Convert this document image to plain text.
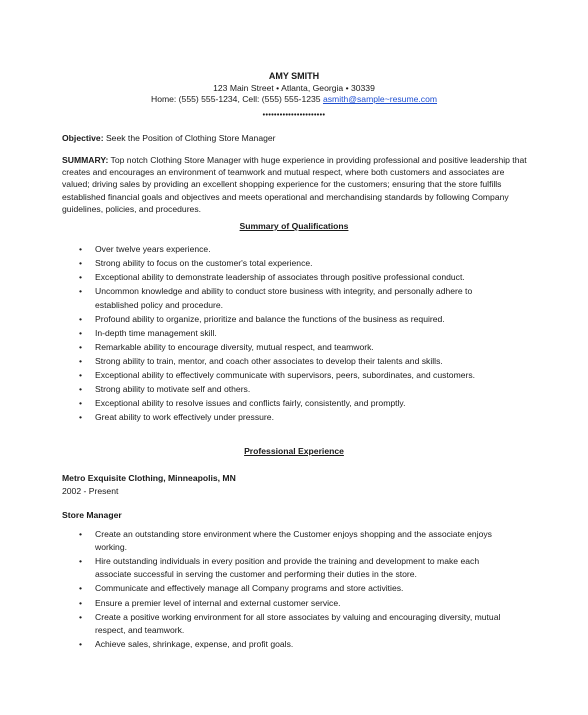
AMY SMITH
123 Main Street • Atlanta, Georgia • 30339
Home: (555) 555-1234, Cell: (555) 555-1235 asmith@sample~resume.com
••••••••••••••••••••••
Objective: Seek the Position of Clothing Store Manager
SUMMARY: Top notch Clothing Store Manager with huge experience in providing professional and positive leadership that creates and encourages an environment of teamwork and mutual respect, where both customers and associates are valued; driving sales by providing an excellent shopping experience for the customers; ensuring that the store fulfills established financial goals and objectives and meets operational and merchandising standards by following Company guidelines, policies, and procedures.
Summary of Qualifications
• Over twelve years experience.
• Strong ability to focus on the customer's total experience.
• Exceptional ability to demonstrate leadership of associates through positive professional conduct.
• Uncommon knowledge and ability to conduct store business with integrity, and personally adhere to established policy and procedure.
• Profound ability to organize, prioritize and balance the functions of the business as required.
• In-depth time management skill.
• Remarkable ability to encourage diversity, mutual respect, and teamwork.
• Strong ability to train, mentor, and coach other associates to develop their talents and skills.
• Exceptional ability to effectively communicate with supervisors, peers, subordinates, and customers.
• Strong ability to motivate self and others.
• Exceptional ability to resolve issues and conflicts fairly, consistently, and promptly.
• Great ability to work effectively under pressure.
Professional Experience
Metro Exquisite Clothing, Minneapolis, MN
2002 - Present
Store Manager
• Create an outstanding store environment where the Customer enjoys shopping and the associate enjoys working.
• Hire outstanding individuals in every position and provide the training and development to make each associate successful in serving the customer and performing their duties in the store.
• Communicate and effectively manage all Company programs and store activities.
• Ensure a premier level of internal and external customer service.
• Create a positive working environment for all store associates by valuing and encouraging diversity, mutual respect, and teamwork.
• Achieve sales, shrinkage, expense, and profit goals.
